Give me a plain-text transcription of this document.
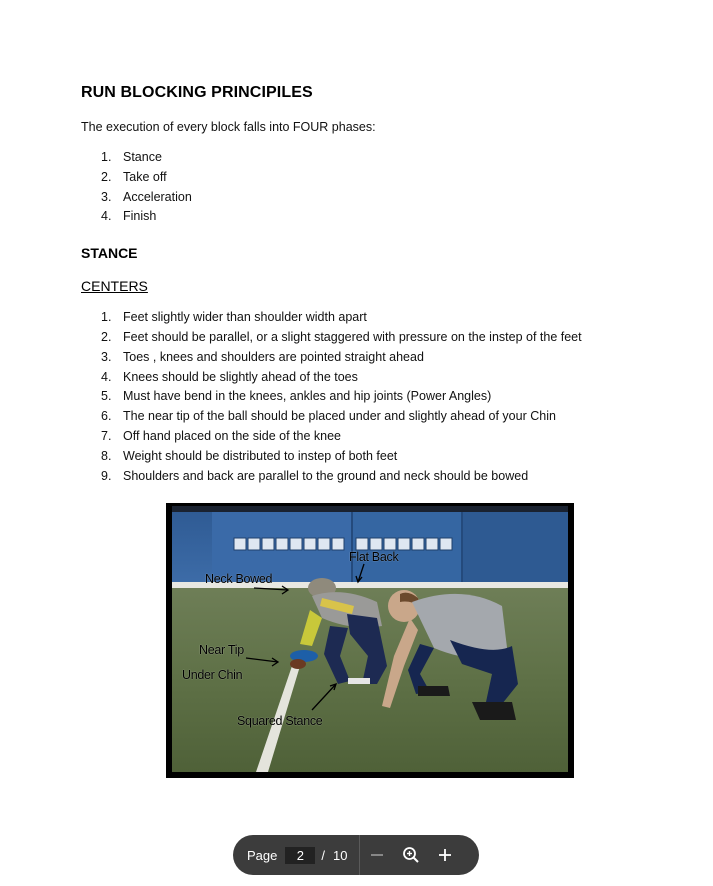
RUN BLOCKING PRINCIPILES

The execution of every block falls into FOUR phases:

1. Stance
2. Take off
3. Acceleration
4. Finish

STANCE

CENTERS

1. Feet slightly wider than shoulder width apart
2. Feet should be parallel, or a slight staggered with pressure on the instep of the feet
3. Toes , knees and shoulders are pointed straight ahead
4. Knees should be slightly ahead of the toes
5. Must have bend in the knees, ankles and hip joints (Power Angles)
6. The near tip of the ball should be placed under and slightly ahead of your Chin
7. Off hand placed on the side of the knee
8. Weight should be distributed to instep of both feet
9. Shoulders and back are parallel to the ground and neck should be bowed
Flat Back
Neck Bowed
Near Tip
Under Chin
Squared Stance
Page
2	/ 10
